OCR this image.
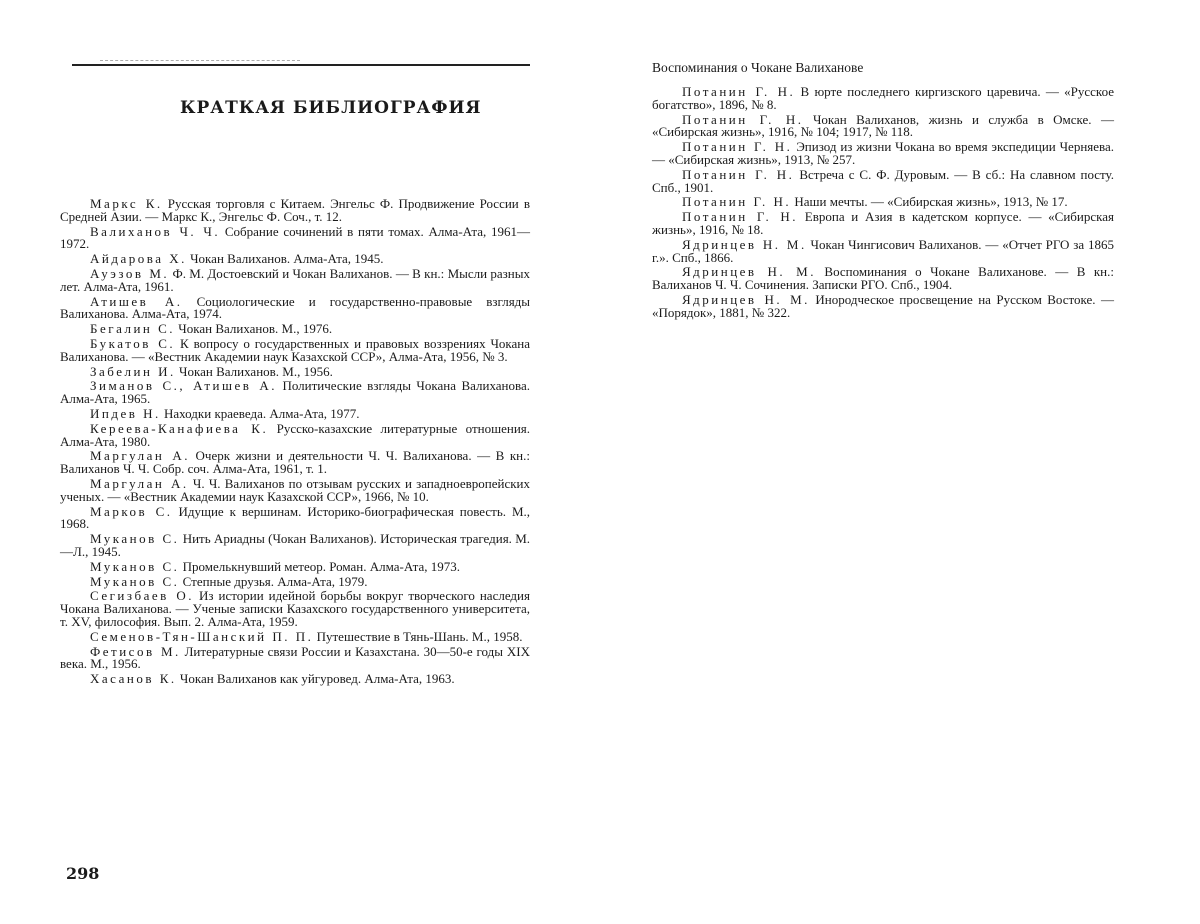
КРАТКАЯ БИБЛИОГРАФИЯ

Маркс К. Русская торговля с Китаем. Энгельс Ф. Продвижение России в Средней Азии. — Маркс К., Энгельс Ф. Соч., т. 12.

Валиханов Ч. Ч. Собрание сочинений в пяти томах. Алма-Ата, 1961—1972.

Айдарова Х. Чокан Валиханов. Алма-Ата, 1945.

Ауэзов М. Ф. М. Достоевский и Чокан Валиханов. — В кн.: Мысли разных лет. Алма-Ата, 1961.

Атишев А. Социологические и государственно-правовые взгляды Валиханова. Алма-Ата, 1974.

Бегалин С. Чокан Валиханов. М., 1976.

Букатов С. К вопросу о государственных и правовых воззрениях Чокана Валиханова. — «Вестник Академии наук Казахской ССР», Алма-Ата, 1956, № 3.

Забелин И. Чокан Валиханов. М., 1956.

Зиманов С., Атишев А. Политические взгляды Чокана Валиханова. Алма-Ата, 1965.

Ипдев Н. Находки краеведа. Алма-Ата, 1977.

Кереева-Канафиева К. Русско-казахские литературные отношения. Алма-Ата, 1980.

Маргулан А. Очерк жизни и деятельности Ч. Ч. Валиханова. — В кн.: Валиханов Ч. Ч. Собр. соч. Алма-Ата, 1961, т. 1.

Маргулан А. Ч. Ч. Валиханов по отзывам русских и западноевропейских ученых. — «Вестник Академии наук Казахской ССР», 1966, № 10.

Марков С. Идущие к вершинам. Историко-биографическая повесть. М., 1968.

Муканов С. Нить Ариадны (Чокан Валиханов). Историческая трагедия. М.—Л., 1945.

Муканов С. Промелькнувший метеор. Роман. Алма-Ата, 1973.

Муканов С. Степные друзья. Алма-Ата, 1979.

Сегизбаев О. Из истории идейной борьбы вокруг творческого наследия Чокана Валиханова. — Ученые записки Казахского государственного университета, т. XV, философия. Вып. 2. Алма-Ата, 1959.

Семенов-Тян-Шанский П. П. Путешествие в Тянь-Шань. М., 1958.

Фетисов М. Литературные связи России и Казахстана. 30—50-е годы XIX века. М., 1956.

Хасанов К. Чокан Валиханов как уйгуровед. Алма-Ата, 1963.

298
Воспоминания о Чокане Валиханове

Потанин Г. Н. В юрте последнего киргизского царевича. — «Русское богатство», 1896, № 8.

Потанин Г. Н. Чокан Валиханов, жизнь и служба в Омске. — «Сибирская жизнь», 1916, № 104; 1917, № 118.

Потанин Г. Н. Эпизод из жизни Чокана во время экспедиции Черняева. — «Сибирская жизнь», 1913, № 257.

Потанин Г. Н. Встреча с С. Ф. Дуровым. — В сб.: На славном посту. Спб., 1901.

Потанин Г. Н. Наши мечты. — «Сибирская жизнь», 1913, № 17.

Потанин Г. Н. Европа и Азия в кадетском корпусе. — «Сибирская жизнь», 1916, № 18.

Ядринцев Н. М. Чокан Чингисович Валиханов. — «Отчет РГО за 1865 г.». Спб., 1866.

Ядринцев Н. М. Воспоминания о Чокане Валиханове. — В кн.: Валиханов Ч. Ч. Сочинения. Записки РГО. Спб., 1904.

Ядринцев Н. М. Инородческое просвещение на Русском Востоке. — «Порядок», 1881, № 322.
